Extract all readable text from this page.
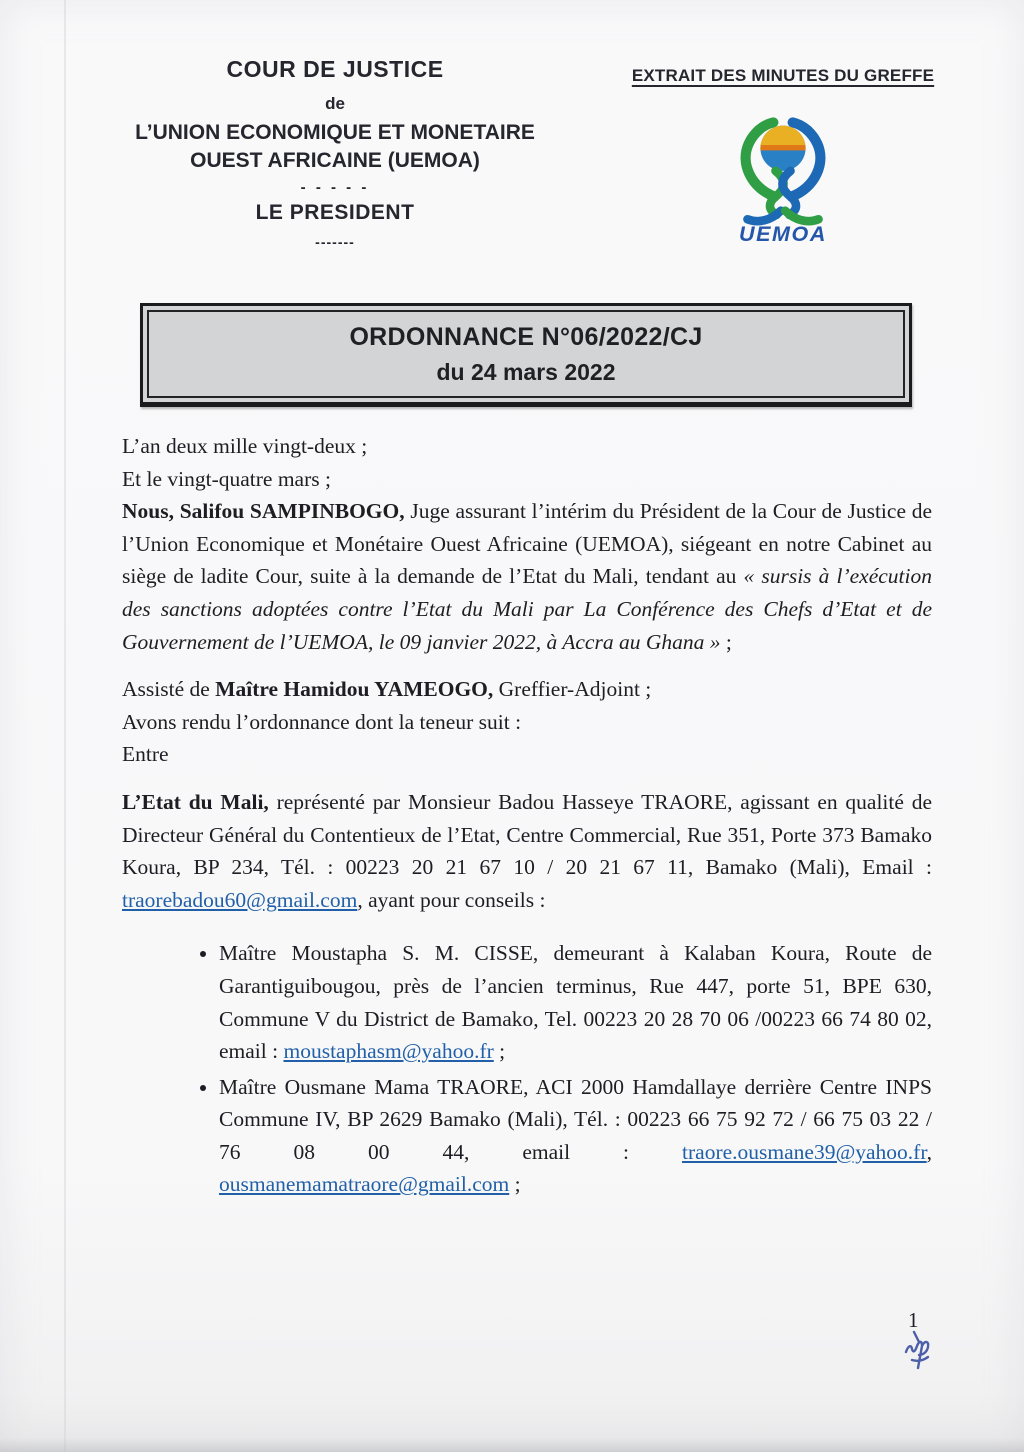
COUR DE JUSTICE
de
L’UNION ECONOMIQUE ET MONETAIRE
OUEST AFRICAINE (UEMOA)
- - - - -
LE PRESIDENT
-------
EXTRAIT DES MINUTES DU GREFFE
UEMOA
ORDONNANCE N°06/2022/CJ
du 24 mars 2022

L’an deux mille vingt-deux ;

Et le vingt-quatre mars ;

Nous, Salifou SAMPINBOGO, Juge assurant l’intérim du Président de la Cour de Justice de l’Union Economique et Monétaire Ouest Africaine (UEMOA), siégeant en notre Cabinet au siège de ladite Cour, suite à la demande de l’Etat du Mali, tendant au « sursis à l’exécution des sanctions adoptées contre l’Etat du Mali par La Conférence des Chefs d’Etat et de Gouvernement de l’UEMOA, le 09 janvier 2022, à Accra au Ghana » ;

Assisté de Maître Hamidou YAMEOGO, Greffier-Adjoint ;

Avons rendu l’ordonnance dont la teneur suit :

Entre

L’Etat du Mali, représenté par Monsieur Badou Hasseye TRAORE, agissant en qualité de Directeur Général du Contentieux de l’Etat, Centre Commercial, Rue 351, Porte 373 Bamako Koura, BP 234, Tél. : 00223 20 21 67 10 / 20 21 67 11, Bamako (Mali), Email : traorebadou60@gmail.com, ayant pour conseils :

• Maître Moustapha S. M. CISSE, demeurant à Kalaban Koura, Route de Garantiguibougou, près de l’ancien terminus, Rue 447, porte 51, BPE 630, Commune V du District de Bamako, Tel. 00223 20 28 70 06 /00223 66 74 80 02, email : moustaphasm@yahoo.fr ;
• Maître Ousmane Mama TRAORE, ACI 2000 Hamdallaye derrière Centre INPS Commune IV, BP 2629 Bamako (Mali), Tél. : 00223 66 75 92 72 / 66 75 03 22 / 76 08 00 44, email : traore.ousmane39@yahoo.fr, ousmanemamatraore@gmail.com ;
1
